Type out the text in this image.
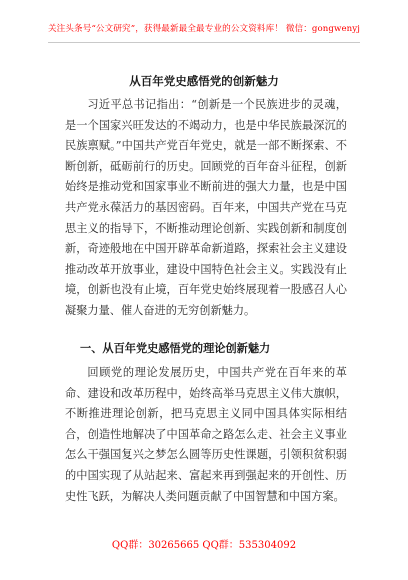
关注头条号“公文研究”，获得最新最全最专业的公文资料库！ 微信：gongwenyj
从百年党史感悟党的创新魅力

习近平总书记指出：“创新是一个民族进步的灵魂，是一个国家兴旺发达的不竭动力，也是中华民族最深沉的民族禀赋。”中国共产党百年党史，就是一部不断探索、不断创新，砥砺前行的历史。回顾党的百年奋斗征程，创新始终是推动党和国家事业不断前进的强大力量，也是中国共产党永葆活力的基因密码。百年来，中国共产党在马克思主义的指导下，不断推动理论创新、实践创新和制度创新，奇迹般地在中国开辟革命新道路，探索社会主义建设推动改革开放事业，建设中国特色社会主义。实践没有止境，创新也没有止境，百年党史始终展现着一股感召人心凝聚力量、催人奋进的无穷创新魅力。

一、从百年党史感悟党的理论创新魅力

回顾党的理论发展历史，中国共产党在百年来的革命、建设和改革历程中，始终高举马克思主义伟大旗帜，不断推进理论创新，把马克思主义同中国具体实际相结合，创造性地解决了中国革命之路怎么走、社会主义事业怎么干强国复兴之梦怎么圆等历史性课题，引领积贫积弱的中国实现了从站起来、富起来再到强起来的开创性、历史性飞跃，为解决人类问题贡献了中国智慧和中国方案。

QQ群：30265665 QQ群：535304092
